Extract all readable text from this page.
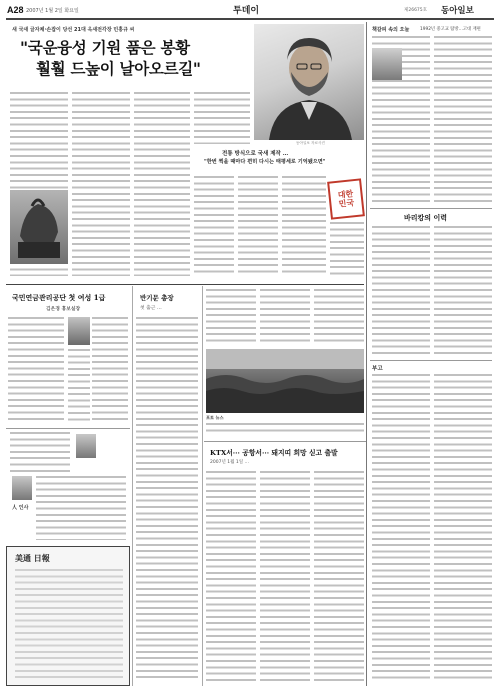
A28 2007년 1월 2일 화요일	투데이	제26675호 동아일보
새 국새 글자체·손잡이 당선 21대 옥새전각장 민홍규 씨
"국운융성 기원 품은 봉황
훨훨 드높이 날아오르길"
동아일보 자료사진
전통 방식으로 국새 제작 …
"한번 찍을 때마다 편히 다시는 태평세로 기억됐으면"
대한민국
국민연금관리공단 첫 여성 1급
김은경 홍보실장
人 인사
美通 日報
반기문 총장
첫 출근 …
포토 뉴스
KTX서··· 공항서··· 돼지띠 희망 싣고 출발
2007년 1월 1일 …
책갈피 속의 오늘 1992년 중고교 탐방…고대 재편
바리캉의 이력
부고
